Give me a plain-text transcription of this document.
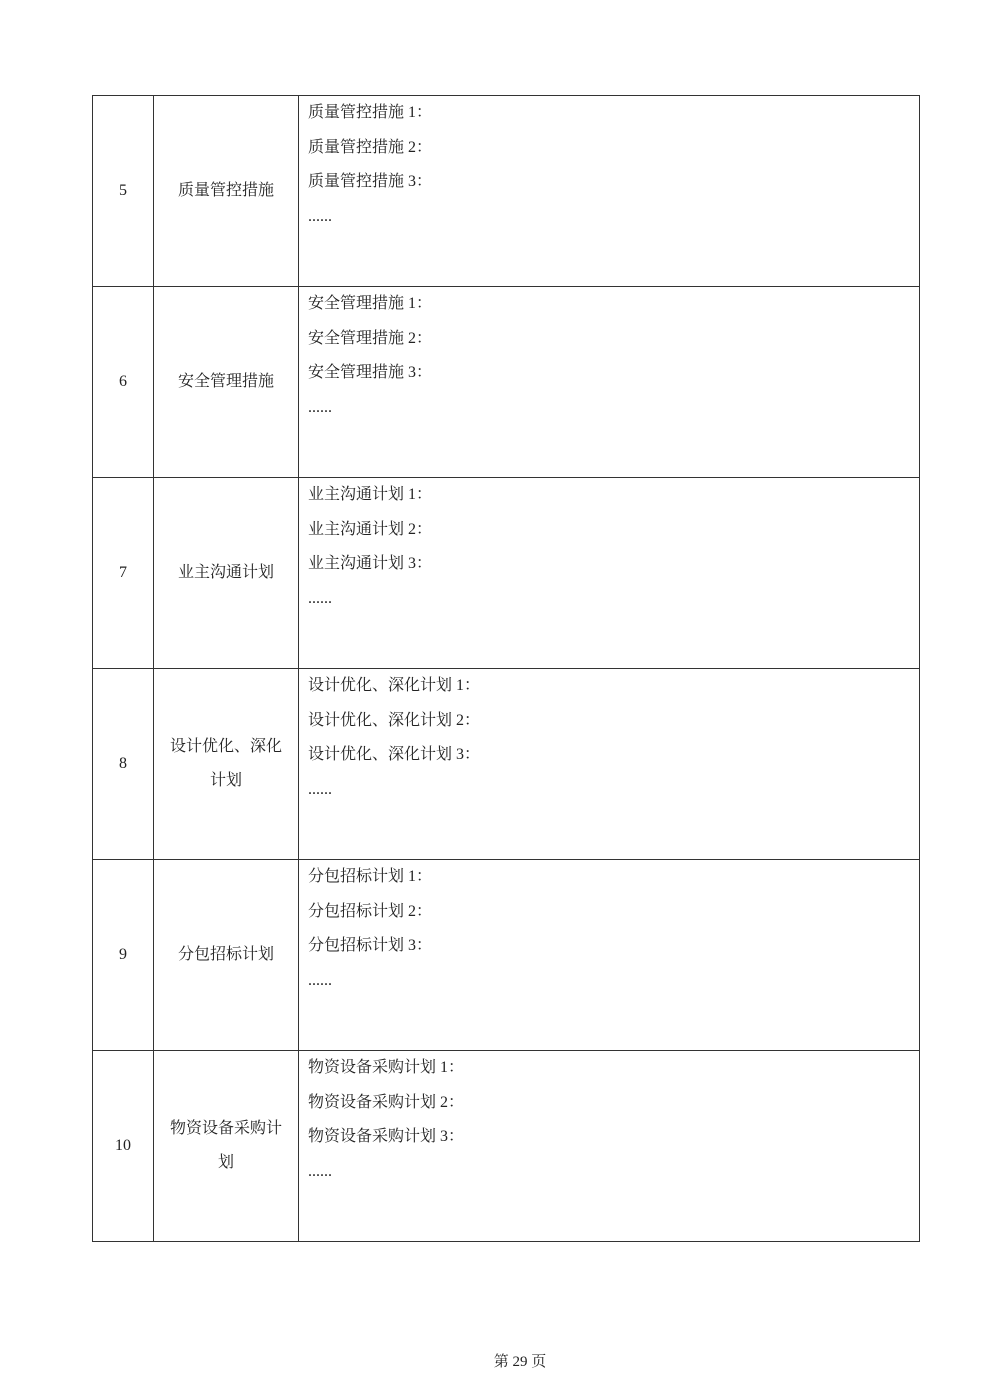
5	质量管控措施	质量管控措施 1：
质量管控措施 2：
质量管控措施 3：
......

6	安全管理措施	安全管理措施 1：
安全管理措施 2：
安全管理措施 3：
......

7	业主沟通计划	业主沟通计划 1：
业主沟通计划 2：
业主沟通计划 3：
......

8	设计优化、深化计划	设计优化、深化计划 1：
设计优化、深化计划 2：
设计优化、深化计划 3：
......

9	分包招标计划	分包招标计划 1：
分包招标计划 2：
分包招标计划 3：
......

10	物资设备采购计划	物资设备采购计划 1：
物资设备采购计划 2：
物资设备采购计划 3：
......
第 29 页
